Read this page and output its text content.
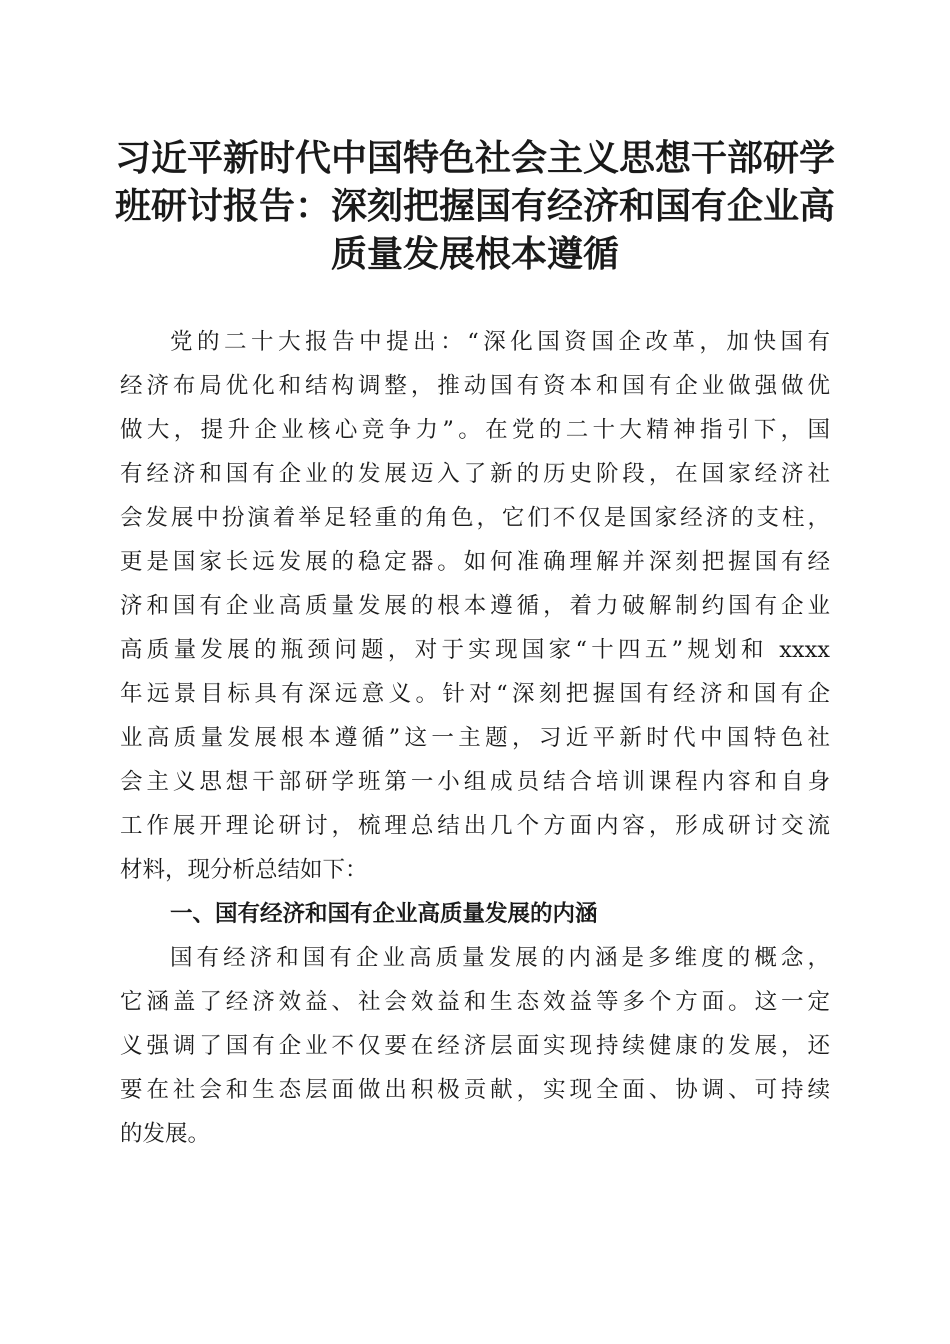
习近平新时代中国特色社会主义思想干部研学
班研讨报告：深刻把握国有经济和国有企业高
质量发展根本遵循
党的二十大报告中提出：“深化国资国企改革，加快国有
经济布局优化和结构调整，推动国有资本和国有企业做强做优
做大，提升企业核心竞争力”。在党的二十大精神指引下，国
有经济和国有企业的发展迈入了新的历史阶段，在国家经济社
会发展中扮演着举足轻重的角色，它们不仅是国家经济的支柱，
更是国家长远发展的稳定器。如何准确理解并深刻把握国有经
济和国有企业高质量发展的根本遵循，着力破解制约国有企业
高质量发展的瓶颈问题，对于实现国家“十四五”规划和 xxxx
年远景目标具有深远意义。针对“深刻把握国有经济和国有企
业高质量发展根本遵循”这一主题，习近平新时代中国特色社
会主义思想干部研学班第一小组成员结合培训课程内容和自身
工作展开理论研讨，梳理总结出几个方面内容，形成研讨交流
材料，现分析总结如下：
一、国有经济和国有企业高质量发展的内涵
国有经济和国有企业高质量发展的内涵是多维度的概念，
它涵盖了经济效益、社会效益和生态效益等多个方面。这一定
义强调了国有企业不仅要在经济层面实现持续健康的发展，还
要在社会和生态层面做出积极贡献，实现全面、协调、可持续
的发展。
